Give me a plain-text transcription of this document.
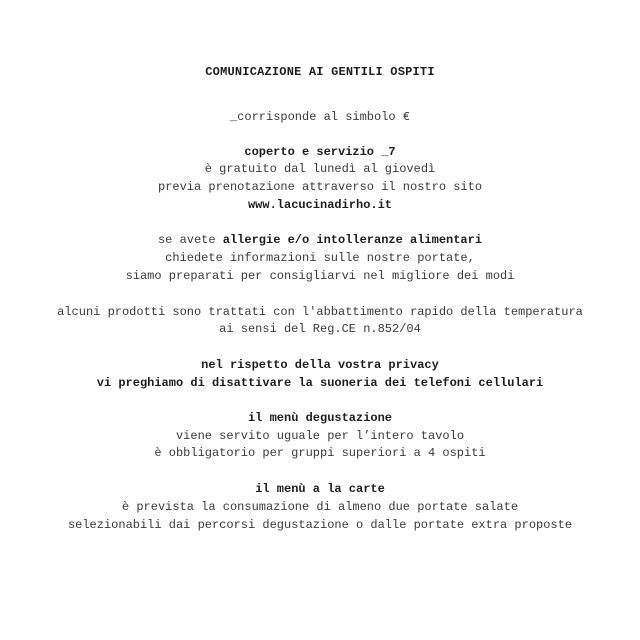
COMUNICAZIONE AI GENTILI OSPITI
_corrisponde al simbolo €
coperto e servizio _7
è gratuito dal lunedì al giovedì
previa prenotazione attraverso il nostro sito
www.lacucinadirho.it
se avete allergie e/o intolleranze alimentari
chiedete informazioni sulle nostre portate,
siamo preparati per consigliarvi nel migliore dei modi
alcuni prodotti sono trattati con l'abbattimento rapido della temperatura
ai sensi del Reg.CE n.852/04
nel rispetto della vostra privacy
vi preghiamo di disattivare la suoneria dei telefoni cellulari
il menù degustazione
viene servito uguale per l’intero tavolo
è obbligatorio per gruppi superiori a 4 ospiti
il menù a la carte
è prevista la consumazione di almeno due portate salate
selezionabili dai percorsi degustazione o dalle portate extra proposte
